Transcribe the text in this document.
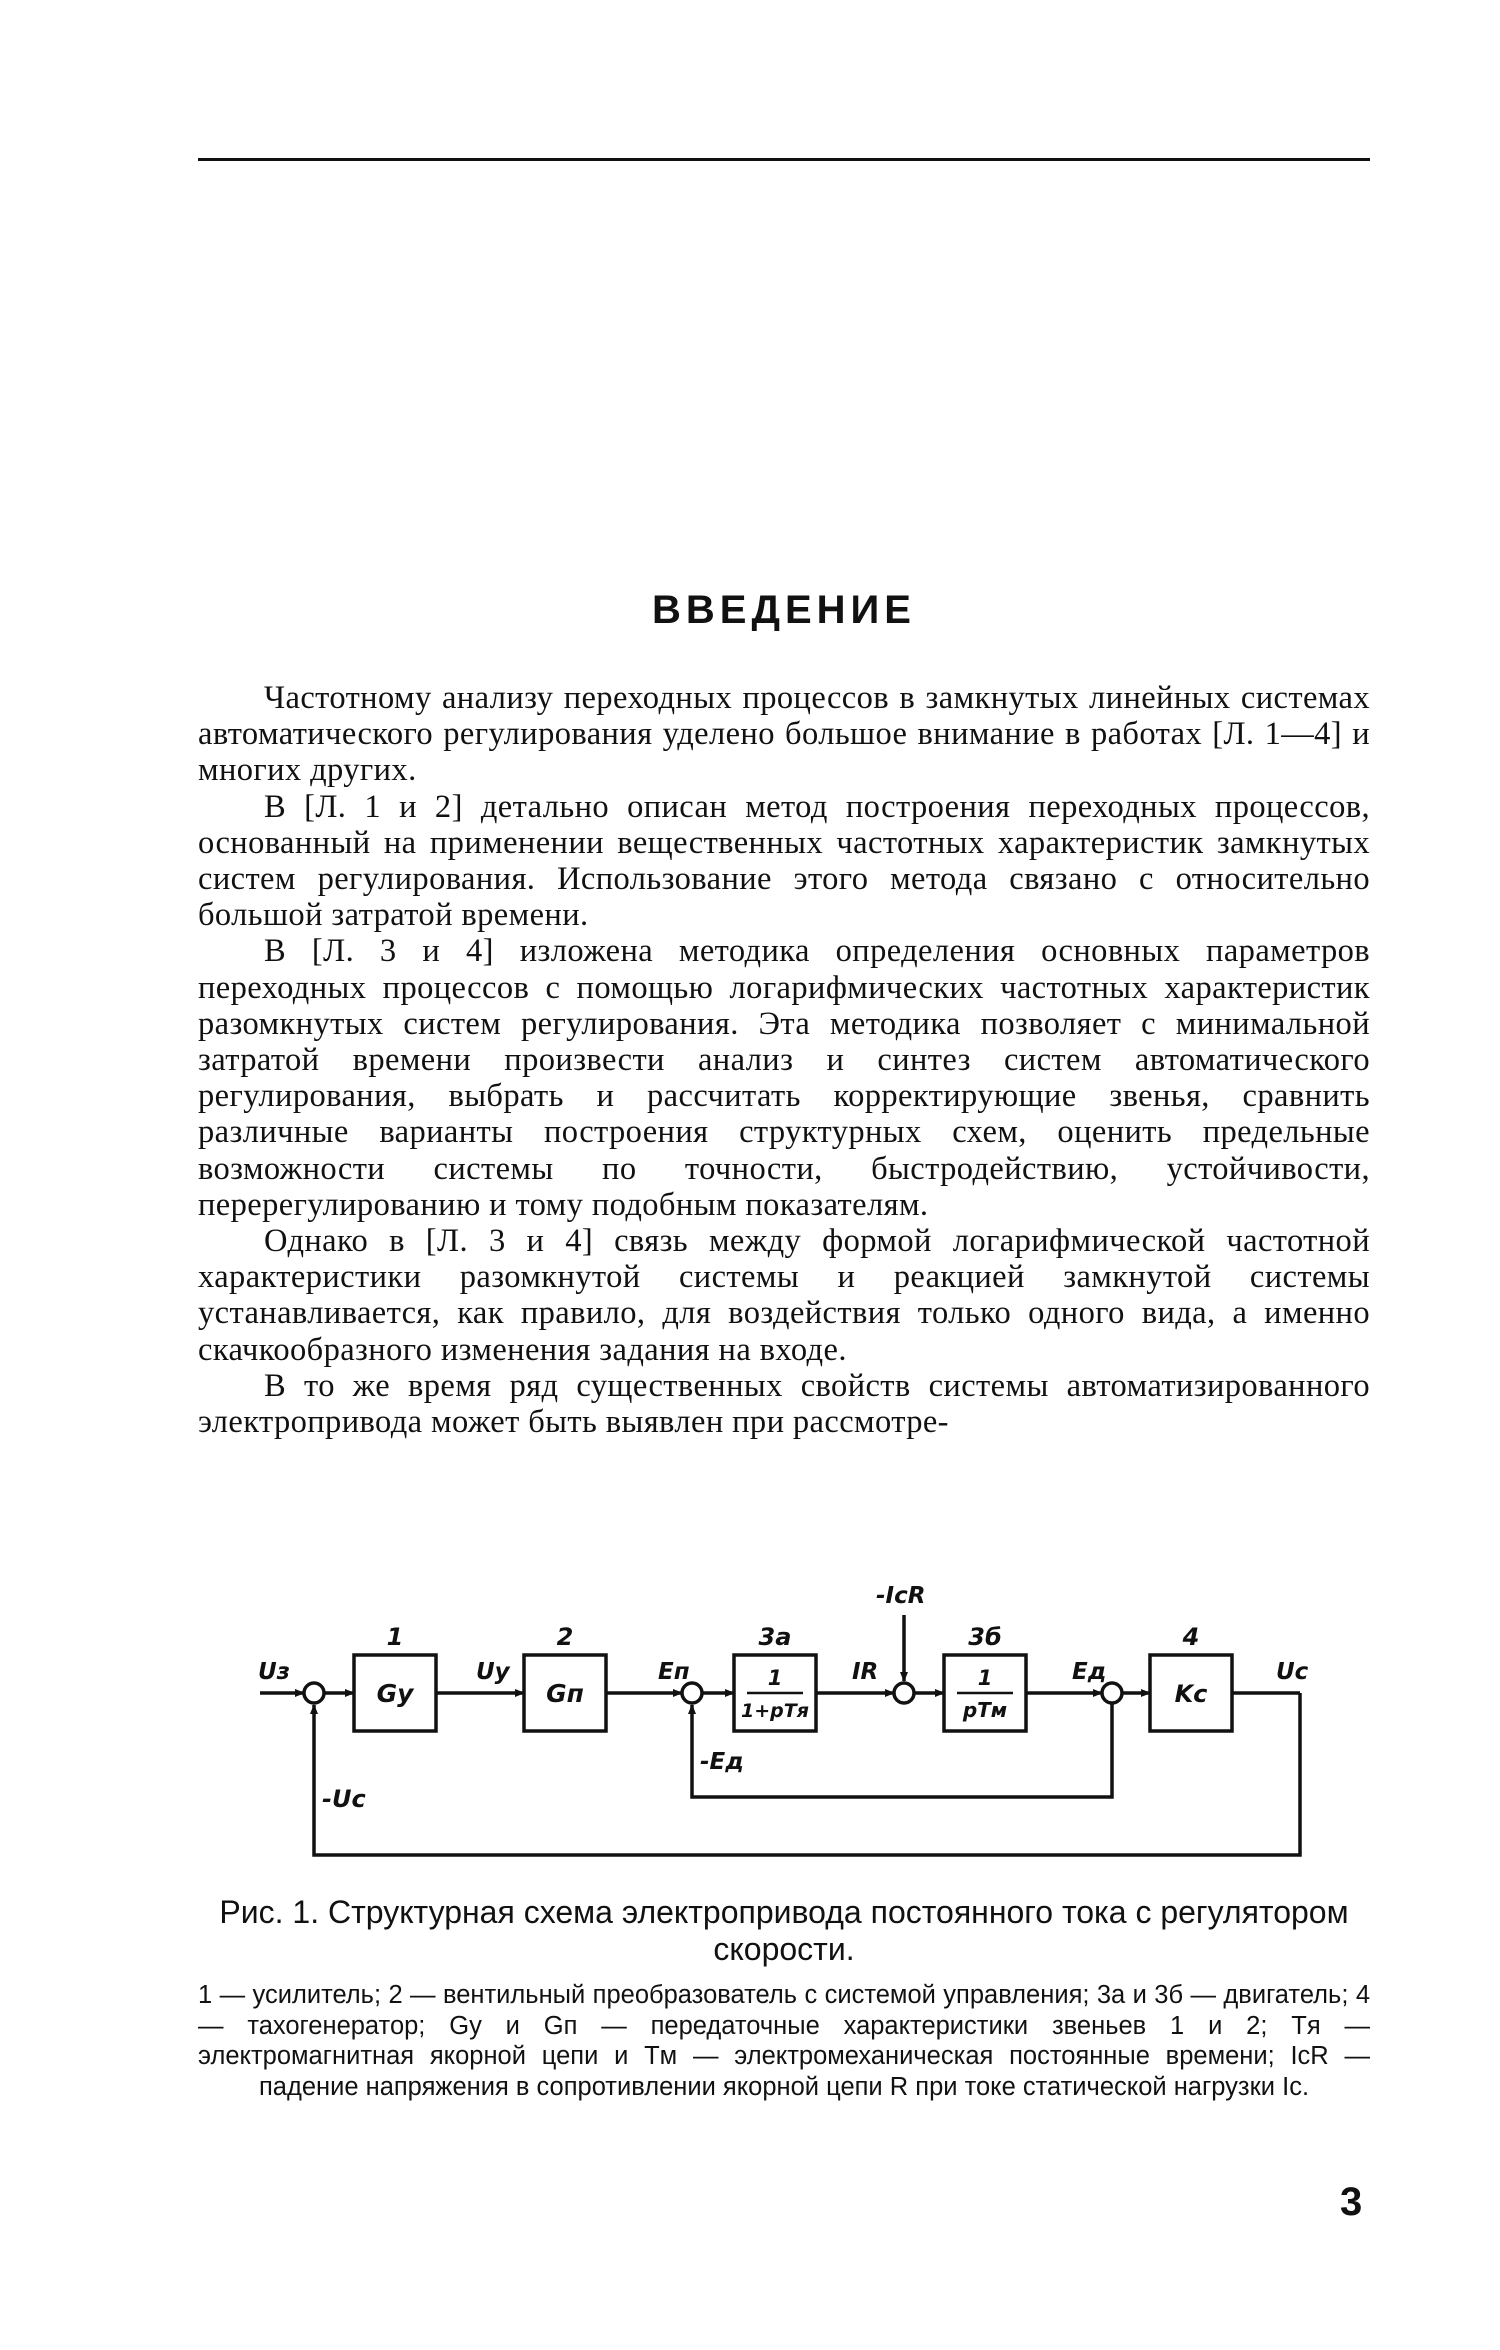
ВВЕДЕНИЕ

Частотному анализу переходных процессов в замкнутых линейных системах автоматического регулирования уделено большое внимание в работах [Л. 1—4] и многих других.

В [Л. 1 и 2] детально описан метод построения переходных процессов, основанный на применении вещественных частотных характеристик замкнутых систем регулирования. Использование этого метода связано с относительно большой затратой времени.

В [Л. 3 и 4] изложена методика определения основных параметров переходных процессов с помощью логарифмических частотных характеристик разомкнутых систем регулирования. Эта методика позволяет с минимальной затратой времени произвести анализ и синтез систем автоматического регулирования, выбрать и рассчитать корректирующие звенья, сравнить различные варианты построения структурных схем, оценить предельные возможности системы по точности, быстродействию, устойчивости, перерегулированию и тому подобным показателям.

Однако в [Л. 3 и 4] связь между формой логарифмической частотной характеристики разомкнутой системы и реакцией замкнутой системы устанавливается, как правило, для воздействия только одного вида, а именно скачкообразного изменения задания на входе.

В то же время ряд существенных свойств системы автоматизированного электропривода может быть выявлен при рассмотре-

1	2	3а	3б	4
Gy	Gп
1
1+pTя
1
pTм
Kc
Uз	Uy	Eп	IR
-IсR
Eд	Uс
-Eд
-Uс
Рис. 1. Структурная схема электропривода постоянного тока с регулятором скорости.
1 — усилитель; 2 — вентильный преобразователь с системой управления; 3а и 3б — двигатель; 4 — тахогенератор; Gу и Gп — передаточные характеристики звеньев 1 и 2; Tя — электромагнитная якорной цепи и Tм — электромеханическая постоянные времени; IсR — падение напряжения в сопротивлении якорной цепи R при токе статической нагрузки Iс.
3
